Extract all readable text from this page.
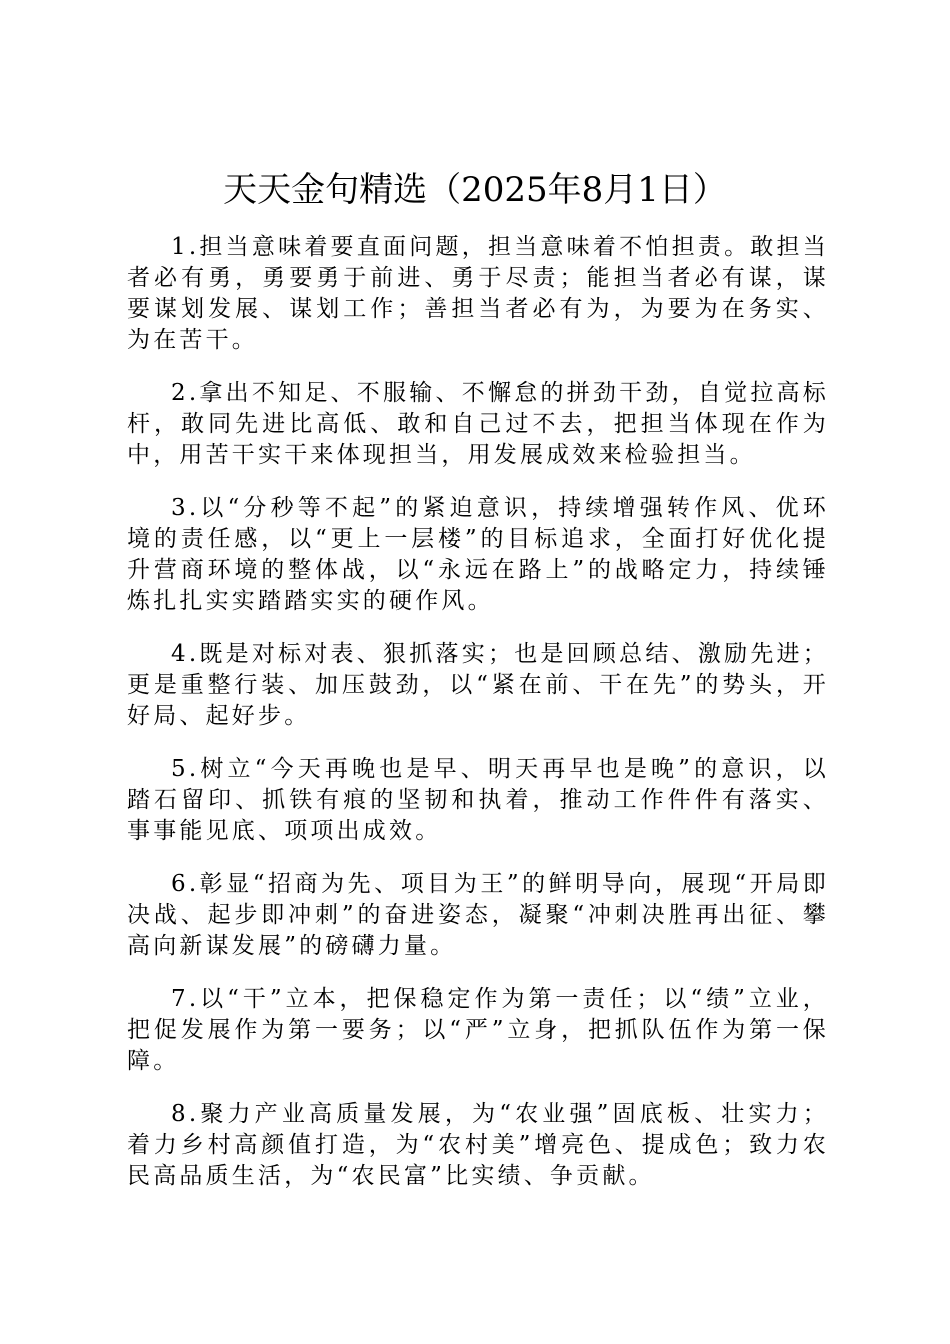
天天金句精选（2025年8月1日）

1.担当意味着要直面问题，担当意味着不怕担责。敢担当者必有勇，勇要勇于前进、勇于尽责；能担当者必有谋，谋要谋划发展、谋划工作；善担当者必有为，为要为在务实、为在苦干。

2.拿出不知足、不服输、不懈怠的拼劲干劲，自觉拉高标杆，敢同先进比高低、敢和自己过不去，把担当体现在作为中，用苦干实干来体现担当，用发展成效来检验担当。

3.以“分秒等不起”的紧迫意识，持续增强转作风、优环境的责任感，以“更上一层楼”的目标追求，全面打好优化提升营商环境的整体战，以“永远在路上”的战略定力，持续锤炼扎扎实实踏踏实实的硬作风。

4.既是对标对表、狠抓落实；也是回顾总结、激励先进；更是重整行装、加压鼓劲，以“紧在前、干在先”的势头，开好局、起好步。

5.树立“今天再晚也是早、明天再早也是晚”的意识，以踏石留印、抓铁有痕的坚韧和执着，推动工作件件有落实、事事能见底、项项出成效。

6.彰显“招商为先、项目为王”的鲜明导向，展现“开局即决战、起步即冲刺”的奋进姿态，凝聚“冲刺决胜再出征、攀高向新谋发展”的磅礴力量。

7.以“干”立本，把保稳定作为第一责任；以“绩”立业，把促发展作为第一要务；以“严”立身，把抓队伍作为第一保障。

8.聚力产业高质量发展，为“农业强”固底板、壮实力；着力乡村高颜值打造，为“农村美”增亮色、提成色；致力农民高品质生活，为“农民富”比实绩、争贡献。
